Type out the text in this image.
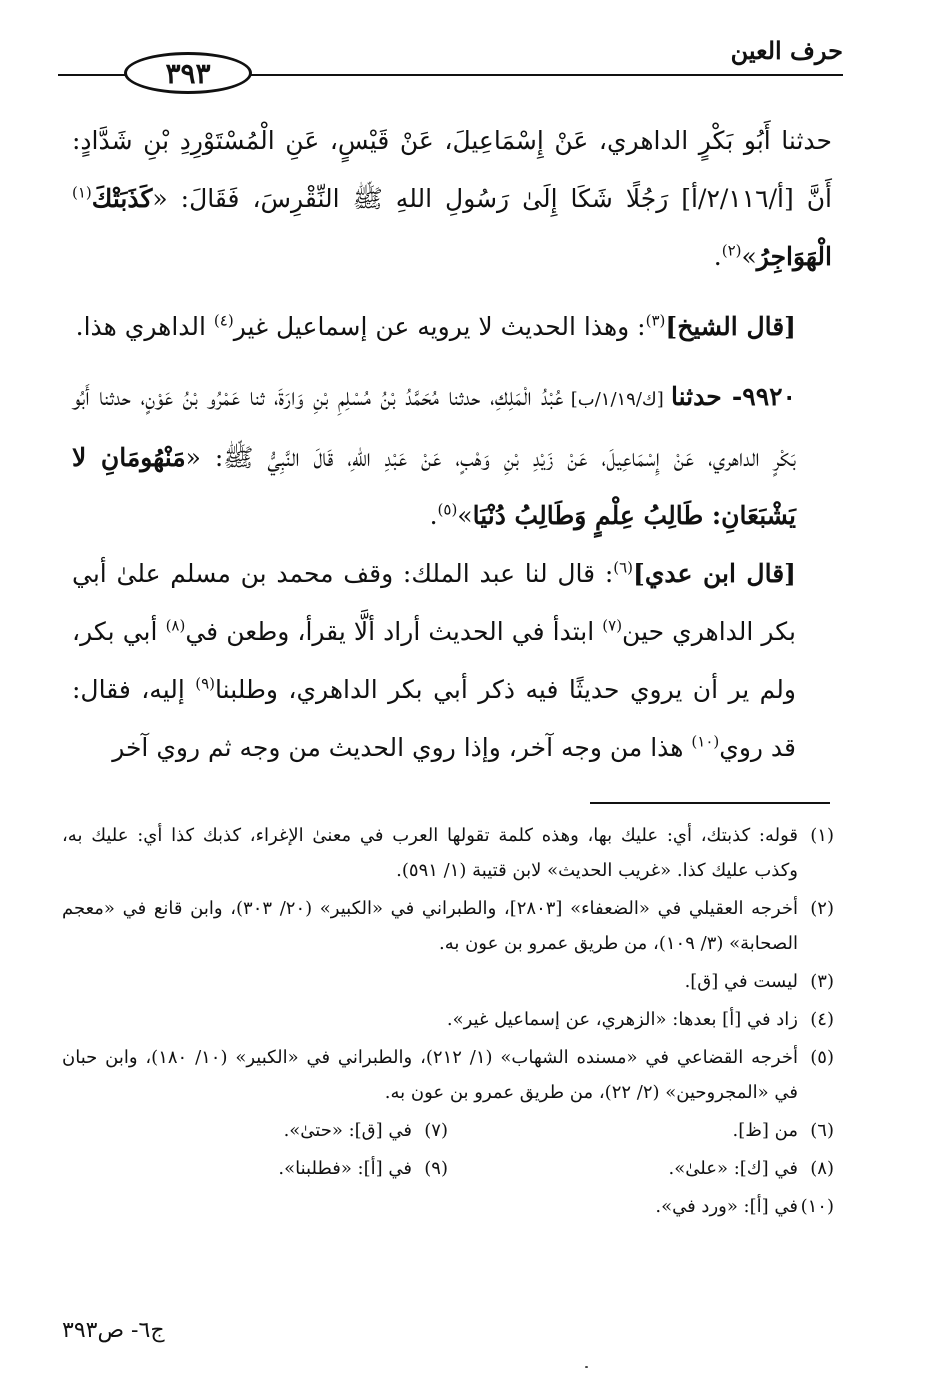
حرف العين
٣٩٣

حدثنا أَبُو بَكْرٍ الداهري، عَنْ إِسْمَاعِيلَ، عَنْ قَيْسٍ، عَنِ الْمُسْتَوْرِدِ بْنِ شَدَّادٍ: أَنَّ [أ/٢/١١٦/أ] رَجُلًا شَكَا إِلَىٰ رَسُولِ اللهِ ﷺ النِّقْرِسَ، فَقَالَ: «كَذَبَتْكَ$^{(١)}$ الْهَوَاجِرُ»$^{(٢)}$.

[قال الشيخ]$^{(٣)}$: وهذا الحديث لا يرويه عن إسماعيل غير$^{(٤)}$ الداهري هذا.

٩٩٢٠- حدثنا [ك/١/١٩/ب] عُبْدُ الْمَلِكِ، حدثنا مُحَمَّدُ بْنُ مُسْلِمِ بْنِ وَارَةَ، ثنا عَمْرُو بْنُ عَوْنٍ، حدثنا أَبُو بَكْرٍ الداهري، عَنْ إِسْمَاعِيلَ، عَنْ زَيْدِ بْنِ وَهْبٍ، عَنْ عَبْدِ اللهِ، قَالَ النَّبِيُّ ﷺ: «مَنْهُومَانِ لا يَشْبَعَانِ: طَالِبُ عِلْمٍ وَطَالِبُ دُنْيَا»$^{(٥)}$.

[قال ابن عدي]$^{(٦)}$: قال لنا عبد الملك: وقف محمد بن مسلم علىٰ أبي بكر الداهري حين$^{(٧)}$ ابتدأ في الحديث أراد ألَّا يقرأ، وطعن في$^{(٨)}$ أبي بكر، ولم ير أن يروي حديثًا فيه ذكر أبي بكر الداهري، وطلبنا$^{(٩)}$ إليه، فقال: قد روي$^{(١٠)}$ هذا من وجه آخر، وإذا روي الحديث من وجه ثم روي آخر

(١)
قوله: كذبتك، أي: عليك بها، وهذه كلمة تقولها العرب في معنىٰ الإغراء، كذبك كذا أي: عليك به، وكذب عليك كذا. «غريب الحديث» لابن قتيبة (١/ ٥٩١).

(٢)
أخرجه العقيلي في «الضعفاء» [٢٨٠٣]، والطبراني في «الكبير» (٢٠/ ٣٠٣)، وابن قانع في «معجم الصحابة» (٣/ ١٠٩)، من طريق عمرو بن عون به.

(٣)
ليست في [ق].

(٤)
زاد في [أ] بعدها: «الزهري، عن إسماعيل غير».

(٥)
أخرجه القضاعي في «مسنده الشهاب» (١/ ٢١٢)، والطبراني في «الكبير» (١٠/ ١٨٠)، وابن حبان في «المجروحين» (٢/ ٢٢)، من طريق عمرو بن عون به.

(٦)
من [ظ].

(٧)
في [ق]: «حتىٰ».

(٨)
في [ك]: «علىٰ».

(٩)
في [أ]: «فطلبنا».

(١٠)
في [أ]: «ورد في».

ج٦- ص٣٩٣
